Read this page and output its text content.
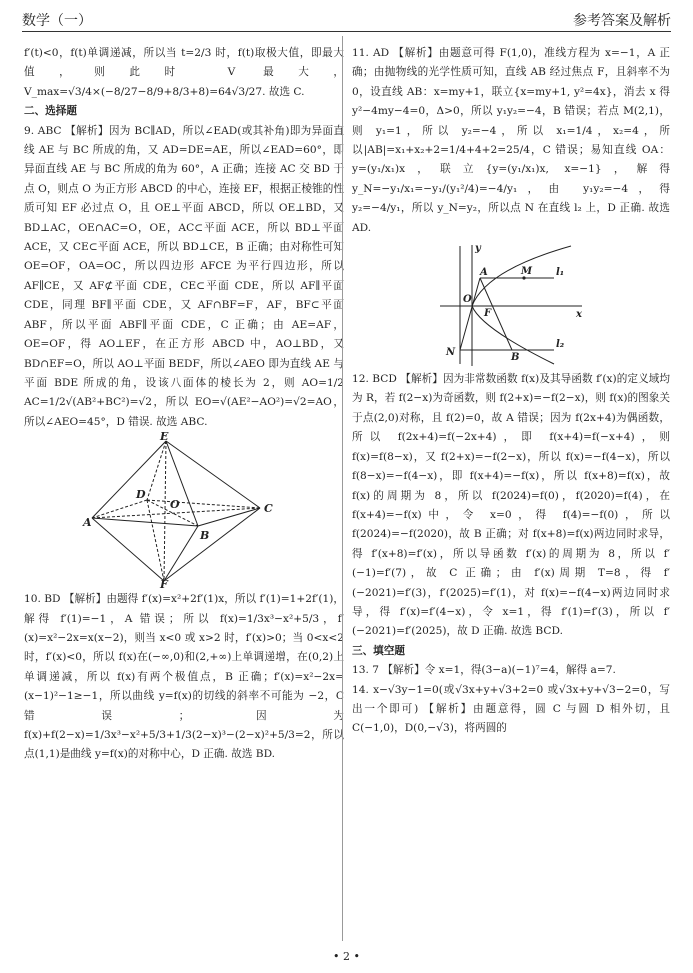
数学（一）	参考答案及解析

f′(t)<0，f(t)单调递减，所以当 t=2/3 时，f(t)取极大值，即最大值，则此时 V 最大，V_max=√3/4×(−8/27−8/9+8/3+8)=64√3/27. 故选 C.

二、选择题

9. ABC 【解析】因为 BC∥AD，所以∠EAD(或其补角)即为异面直线 AE 与 BC 所成的角，又 AD=DE=AE，所以∠EAD=60°，即异面直线 AE 与 BC 所成的角为 60°，A 正确；连接 AC 交 BD 于点 O，则点 O 为正方形 ABCD 的中心，连接 EF，根据正棱锥的性质可知 EF 必过点 O，且 OE⊥平面 ABCD，所以 OE⊥BD，又 BD⊥AC，OE∩AC=O，OE，AC⊂平面 ACE，所以 BD⊥平面 ACE，又 CE⊂平面 ACE，所以 BD⊥CE，B 正确；由对称性可知 OE=OF，OA=OC，所以四边形 AFCE 为平行四边形，所以 AF∥CE，又 AF⊄平面 CDE，CE⊂平面 CDE，所以 AF∥平面 CDE，同理 BF∥平面 CDE，又 AF∩BF=F，AF，BF⊂平面 ABF，所以平面 ABF∥平面 CDE，C 正确；由 AE=AF，OE=OF，得 AO⊥EF，在正方形 ABCD 中，AO⊥BD，又 BD∩EF=O，所以 AO⊥平面 BEDF，所以∠AEO 即为直线 AE 与平面 BDE 所成的角，设该八面体的棱长为 2，则 AO=1/2 AC=1/2√(AB²+BC²)=√2，所以 EO=√(AE²−AO²)=√2=AO，所以∠AEO=45°，D 错误. 故选 ABC.

E
D
O	C
A
B
F

10. BD 【解析】由题得 f′(x)=x²+2f′(1)x，所以 f′(1)=1+2f′(1)，解得 f′(1)=−1，A 错误；所以 f(x)=1/3x³−x²+5/3，f′(x)=x²−2x=x(x−2)，则当 x<0 或 x>2 时，f′(x)>0；当 0<x<2 时，f′(x)<0，所以 f(x)在(−∞,0)和(2,+∞)上单调递增，在(0,2)上单调递减，所以 f(x)有两个极值点，B 正确；f′(x)=x²−2x=(x−1)²−1≥−1，所以曲线 y=f(x)的切线的斜率不可能为 −2，C 错误；因为 f(x)+f(2−x)=1/3x³−x²+5/3+1/3(2−x)³−(2−x)²+5/3=2，所以点(1,1)是曲线 y=f(x)的对称中心，D 正确. 故选 BD.

11. AD 【解析】由题意可得 F(1,0)，准线方程为 x=−1，A 正确；由抛物线的光学性质可知，直线 AB 经过焦点 F，且斜率不为 0，设直线 AB：x=my+1，联立{x=my+1, y²=4x}，消去 x 得 y²−4my−4=0，Δ>0，所以 y₁y₂=−4，B 错误；若点 M(2,1)，则 y₁=1，所以 y₂=−4，所以 x₁=1/4，x₂=4，所以|AB|=x₁+x₂+2=1/4+4+2=25/4，C 错误；易知直线 OA：y=(y₁/x₁)x，联立{y=(y₁/x₁)x, x=−1}，解得 y_N=−y₁/x₁=−y₁/(y₁²/4)=−4/y₁，由 y₁y₂=−4，得 y₂=−4/y₁，所以 y_N=y₂，所以点 N 在直线 l₂ 上，D 正确. 故选 AD.

y
A	M l₁
O
F	x
N	B
l₂

12. BCD 【解析】因为非常数函数 f(x)及其导函数 f′(x)的定义域均为 R，若 f(2−x)为奇函数，则 f(2+x)=−f(2−x)，则 f(x)的图象关于点(2,0)对称，且 f(2)=0，故 A 错误；因为 f(2x+4)为偶函数，所以 f(2x+4)=f(−2x+4)，即 f(x+4)=f(−x+4)，则 f(x)=f(8−x)，又 f(2+x)=−f(2−x)，所以 f(x)=−f(4−x)，所以 f(8−x)=−f(4−x)，即 f(x+4)=−f(x)，所以 f(x+8)=f(x)，故 f(x)的周期为 8，所以 f(2024)=f(0)，f(2020)=f(4)，在 f(x+4)=−f(x)中，令 x=0，得 f(4)=−f(0)，所以 f(2024)=−f(2020)，故 B 正确；对 f(x+8)=f(x)两边同时求导，得 f′(x+8)=f′(x)，所以导函数 f′(x)的周期为 8，所以 f′(−1)=f′(7)，故 C 正确；由 f′(x)周期 T=8，得 f′(−2021)=f′(3)，f′(2025)=f′(1)，对 f(x)=−f(4−x)两边同时求导，得 f′(x)=f′(4−x)，令 x=1，得 f′(1)=f′(3)，所以 f′(−2021)=f′(2025)，故 D 正确. 故选 BCD.

三、填空题

13. 7 【解析】令 x=1，得(3−a)(−1)⁷=4，解得 a=7.

14. x−√3y−1=0(或√3x+y+√3+2=0 或√3x+y+√3−2=0，写出一个即可) 【解析】由题意得，圆 C 与圆 D 相外切，且 C(−1,0)，D(0,−√3)，将两圆的

• 2 •
